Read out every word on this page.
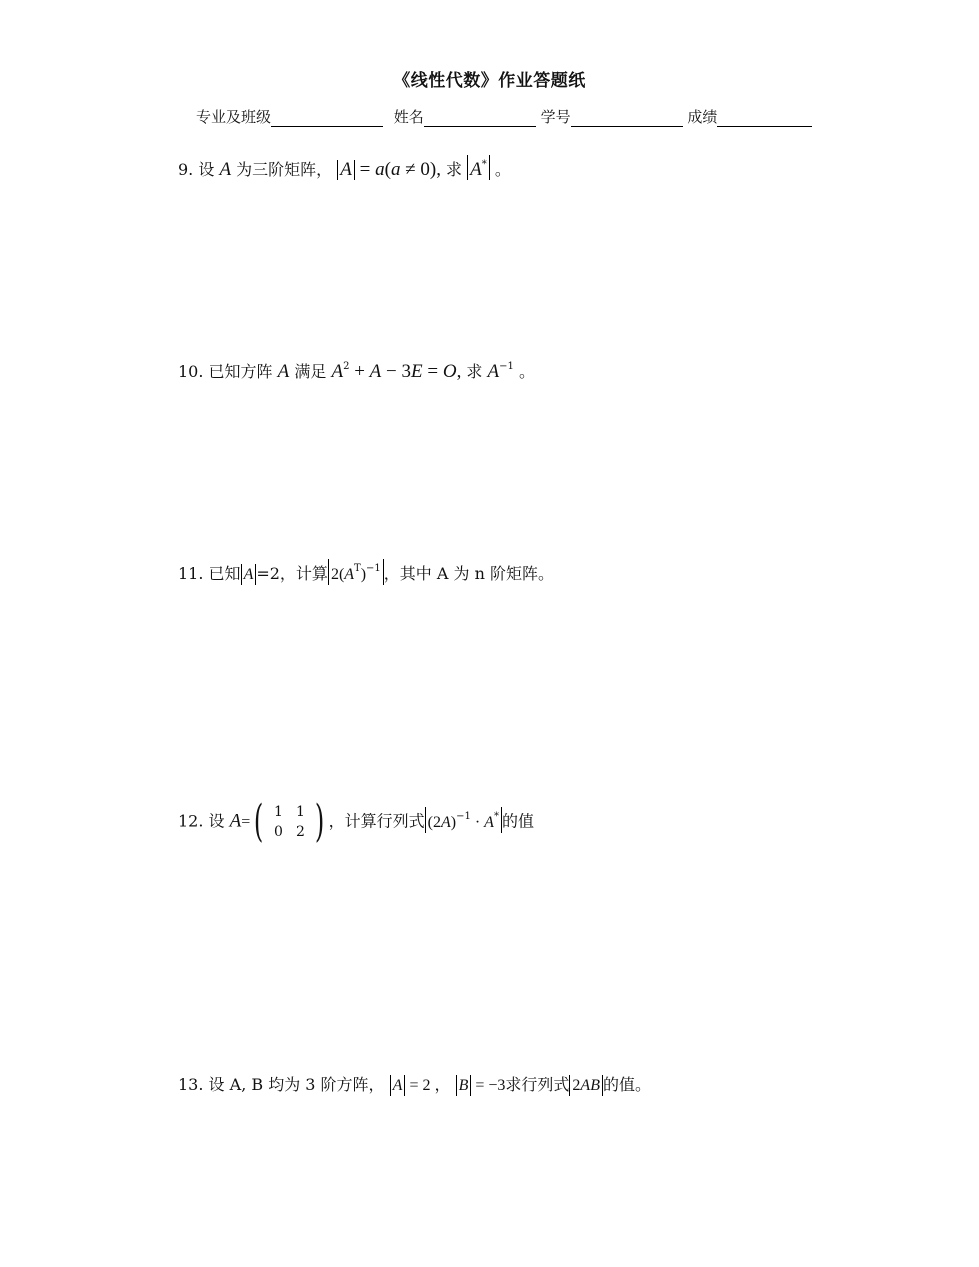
《线性代数》作业答题纸
专业及班级	姓名	学号	成绩
9. 设 A 为三阶矩阵， A = a(a ≠ 0), 求 A* 。
10. 已知方阵 A 满足 $A^2 + A - 3E = O$, 求 $A^{-1}$ 。
11. 已知 A =2，计算 $2(A^T)^{-1}$ ，其中 A 为 n 阶矩阵。
12. 设 A= ( 1 1
0 2 ) ，计算行列式 $(2A)^{-1} \cdot A^*$ 的值
13. 设 A, B 均为 3 阶方阵， A = 2 ， B = −3求行列式 2AB 的值。
